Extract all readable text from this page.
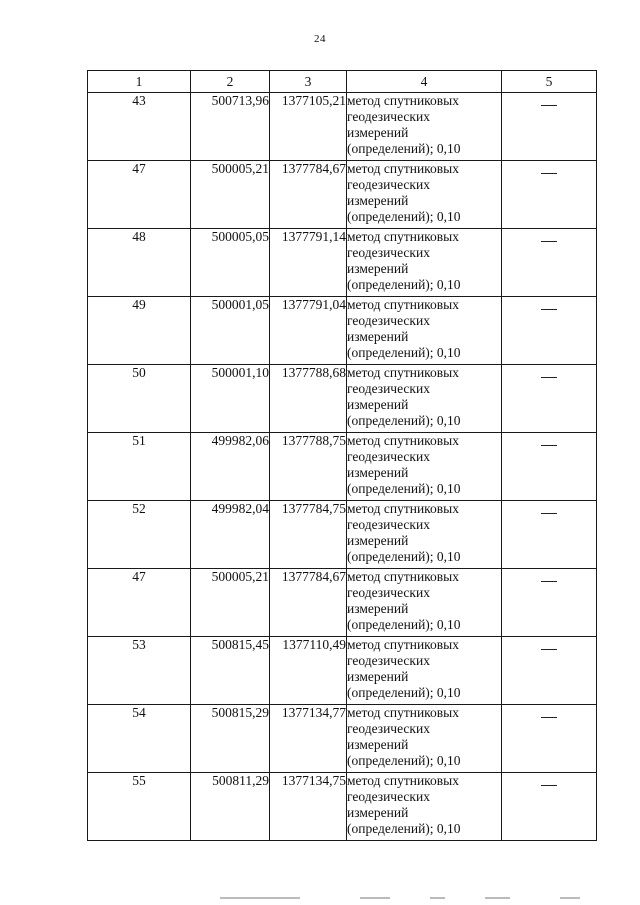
24
1	2	3	4	5
43	500713,96	1377105,21	метод спутниковых
геодезических
измерений
(определений); 0,10	

47	500005,21	1377784,67	метод спутниковых
геодезических
измерений
(определений); 0,10	

48	500005,05	1377791,14	метод спутниковых
геодезических
измерений
(определений); 0,10	

49	500001,05	1377791,04	метод спутниковых
геодезических
измерений
(определений); 0,10	

50	500001,10	1377788,68	метод спутниковых
геодезических
измерений
(определений); 0,10	

51	499982,06	1377788,75	метод спутниковых
геодезических
измерений
(определений); 0,10	

52	499982,04	1377784,75	метод спутниковых
геодезических
измерений
(определений); 0,10	

47	500005,21	1377784,67	метод спутниковых
геодезических
измерений
(определений); 0,10	

53	500815,45	1377110,49	метод спутниковых
геодезических
измерений
(определений); 0,10	

54	500815,29	1377134,77	метод спутниковых
геодезических
измерений
(определений); 0,10	

55	500811,29	1377134,75	метод спутниковых
геодезических
измерений
(определений); 0,10	
